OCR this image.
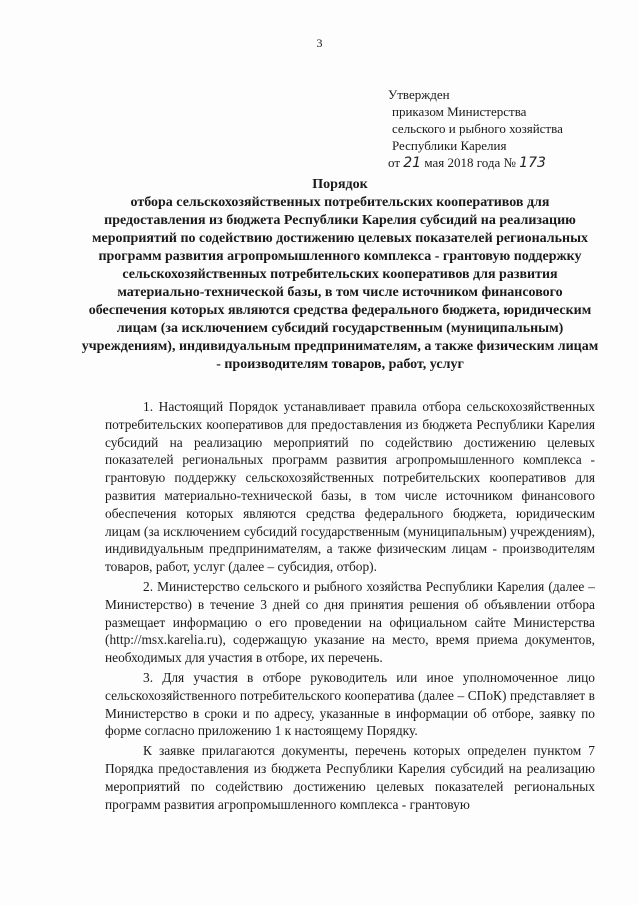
3
Утвержден
приказом Министерства
сельского и рыбного хозяйства
Республики Карелия
от 21 мая 2018 года № 173
Порядок
отбора сельскохозяйственных потребительских кооперативов для предоставления из бюджета Республики Карелия субсидий на реализацию мероприятий по содействию достижению целевых показателей региональных программ развития агропромышленного комплекса - грантовую поддержку сельскохозяйственных потребительских кооперативов для развития материально-технической базы, в том числе источником финансового обеспечения которых являются средства федерального бюджета, юридическим лицам (за исключением субсидий государственным (муниципальным) учреждениям), индивидуальным предпринимателям, а также физическим лицам - производителям товаров, работ, услуг

1. Настоящий Порядок устанавливает правила отбора сельскохозяйственных потребительских кооперативов для предоставления из бюджета Республики Карелия субсидий на реализацию мероприятий по содействию достижению целевых показателей региональных программ развития агропромышленного комплекса - грантовую поддержку сельскохозяйственных потребительских кооперативов для развития материально-технической базы, в том числе источником финансового обеспечения которых являются средства федерального бюджета, юридическим лицам (за исключением субсидий государственным (муниципальным) учреждениям), индивидуальным предпринимателям, а также физическим лицам - производителям товаров, работ, услуг (далее – субсидия, отбор).

2. Министерство сельского и рыбного хозяйства Республики Карелия (далее – Министерство) в течение 3 дней со дня принятия решения об объявлении отбора размещает информацию о его проведении на официальном сайте Министерства (http://msx.karelia.ru), содержащую указание на место, время приема документов, необходимых для участия в отборе, их перечень.

3. Для участия в отборе руководитель или иное уполномоченное лицо сельскохозяйственного потребительского кооператива (далее – СПоК) представляет в Министерство в сроки и по адресу, указанные в информации об отборе, заявку по форме согласно приложению 1 к настоящему Порядку.

К заявке прилагаются документы, перечень которых определен пунктом 7 Порядка предоставления из бюджета Республики Карелия субсидий на реализацию мероприятий по содействию достижению целевых показателей региональных программ развития агропромышленного комплекса - грантовую
